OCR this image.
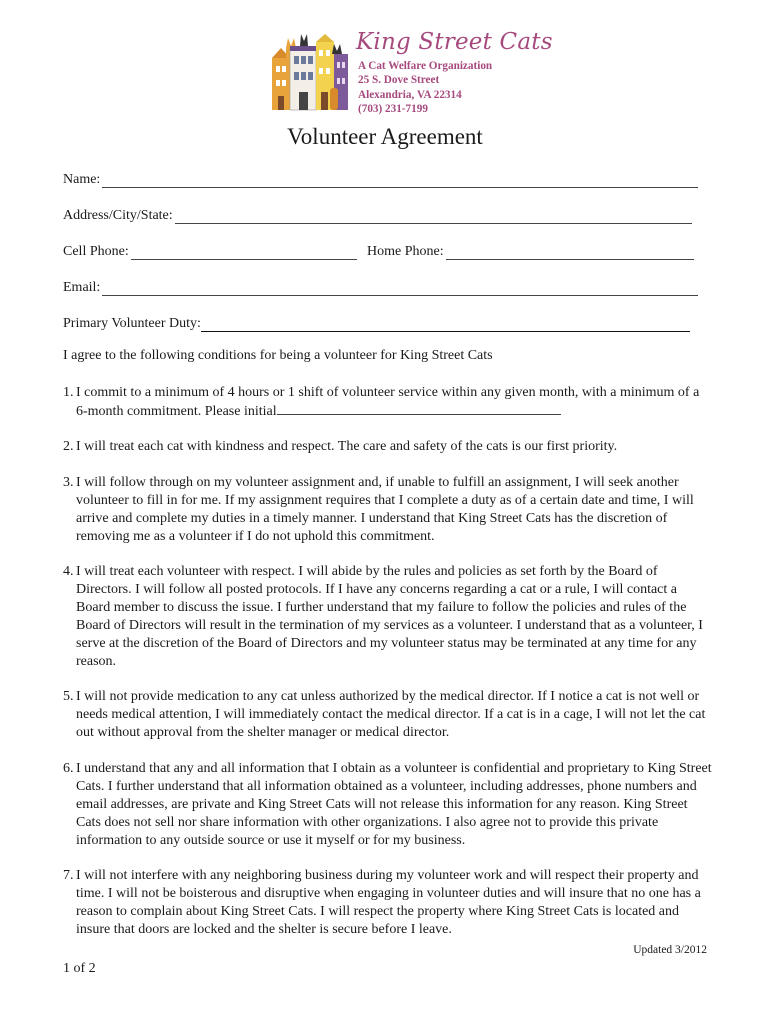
King Street Cats
A Cat Welfare Organization
25 S. Dove Street
Alexandria, VA 22314
(703) 231-7199
Volunteer Agreement
Name:
Address/City/State:
Cell Phone:	Home Phone:
Email:
Primary Volunteer Duty:
I agree to the following conditions for being a volunteer for King Street Cats
1. I commit to a minimum of 4 hours or 1 shift of volunteer service within any given month, with a minimum of a 6-month commitment. Please initial
2. I will treat each cat with kindness and respect. The care and safety of the cats is our first priority.
3. I will follow through on my volunteer assignment and, if unable to fulfill an assignment, I will seek another volunteer to fill in for me. If my assignment requires that I complete a duty as of a certain date and time, I will arrive and complete my duties in a timely manner. I understand that King Street Cats has the discretion of removing me as a volunteer if I do not uphold this commitment.
4. I will treat each volunteer with respect. I will abide by the rules and policies as set forth by the Board of Directors. I will follow all posted protocols. If I have any concerns regarding a cat or a rule, I will contact a Board member to discuss the issue. I further understand that my failure to follow the policies and rules of the Board of Directors will result in the termination of my services as a volunteer. I understand that as a volunteer, I serve at the discretion of the Board of Directors and my volunteer status may be terminated at any time for any reason.
5. I will not provide medication to any cat unless authorized by the medical director. If I notice a cat is not well or needs medical attention, I will immediately contact the medical director. If a cat is in a cage, I will not let the cat out without approval from the shelter manager or medical director.
6. I understand that any and all information that I obtain as a volunteer is confidential and proprietary to King Street Cats. I further understand that all information obtained as a volunteer, including addresses, phone numbers and email addresses, are private and King Street Cats will not release this information for any reason. King Street Cats does not sell nor share information with other organizations. I also agree not to provide this private information to any outside source or use it myself or for my business.
7. I will not interfere with any neighboring business during my volunteer work and will respect their property and time. I will not be boisterous and disruptive when engaging in volunteer duties and will insure that no one has a reason to complain about King Street Cats. I will respect the property where King Street Cats is located and insure that doors are locked and the shelter is secure before I leave.
Updated 3/2012
1 of 2
